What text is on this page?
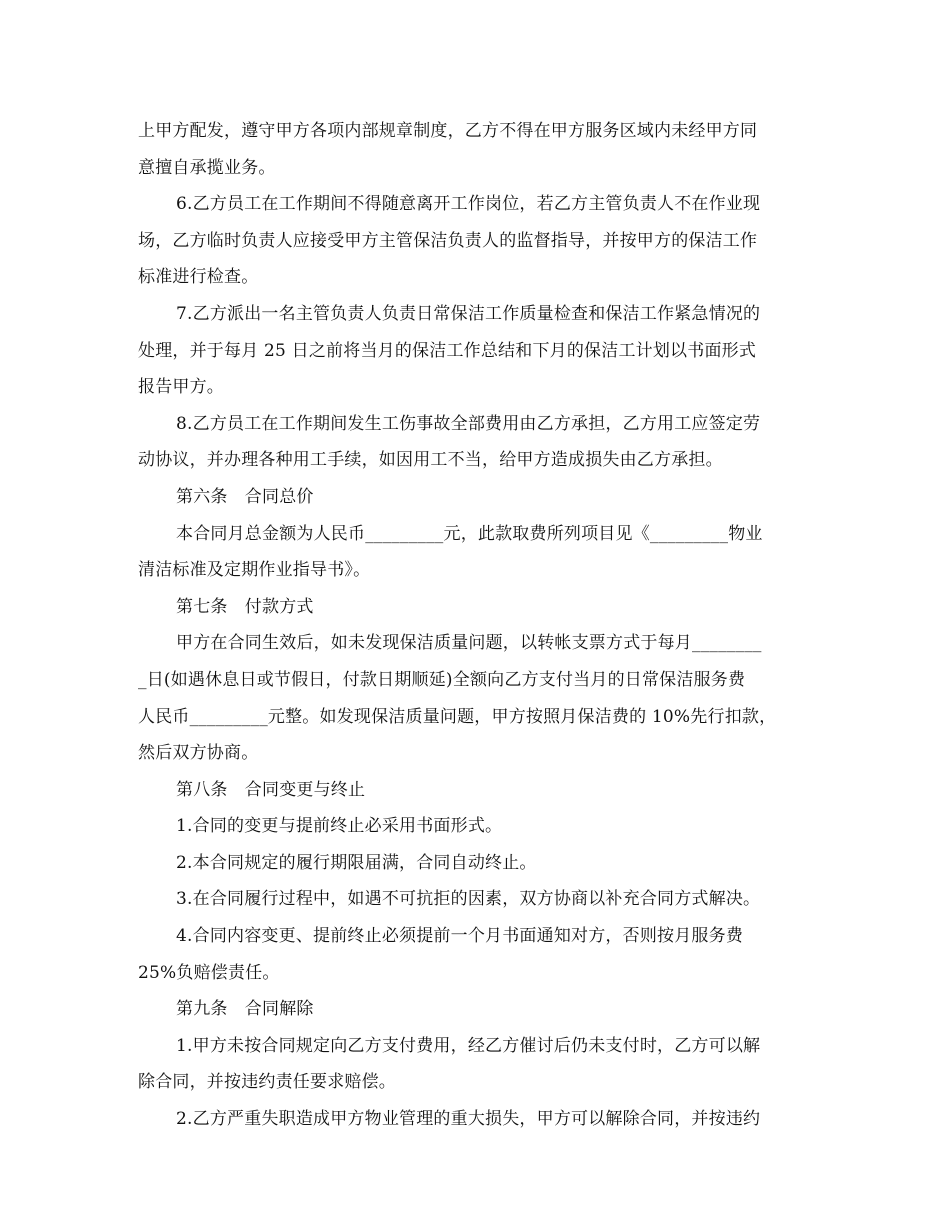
上甲方配发，遵守甲方各项内部规章制度，乙方不得在甲方服务区域内未经甲方同
意擅自承揽业务。
6.乙方员工在工作期间不得随意离开工作岗位，若乙方主管负责人不在作业现
场，乙方临时负责人应接受甲方主管保洁负责人的监督指导，并按甲方的保洁工作
标准进行检查。
7.乙方派出一名主管负责人负责日常保洁工作质量检查和保洁工作紧急情况的
处理，并于每月 25 日之前将当月的保洁工作总结和下月的保洁工计划以书面形式
报告甲方。
8.乙方员工在工作期间发生工伤事故全部费用由乙方承担，乙方用工应签定劳
动协议，并办理各种用工手续，如因用工不当，给甲方造成损失由乙方承担。
第六条　合同总价
本合同月总金额为人民币_________元，此款取费所列项目见《_________物业
清洁标准及定期作业指导书》。
第七条　付款方式
甲方在合同生效后，如未发现保洁质量问题，以转帐支票方式于每月________
_日(如遇休息日或节假日，付款日期顺延)全额向乙方支付当月的日常保洁服务费
人民币_________元整。如发现保洁质量问题，甲方按照月保洁费的 10%先行扣款，
然后双方协商。
第八条　合同变更与终止
1.合同的变更与提前终止必采用书面形式。
2.本合同规定的履行期限届满，合同自动终止。
3.在合同履行过程中，如遇不可抗拒的因素，双方协商以补充合同方式解决。
4.合同内容变更、提前终止必须提前一个月书面通知对方，否则按月服务费
25%负赔偿责任。
第九条　合同解除
1.甲方未按合同规定向乙方支付费用，经乙方催讨后仍未支付时，乙方可以解
除合同，并按违约责任要求赔偿。
2.乙方严重失职造成甲方物业管理的重大损失，甲方可以解除合同，并按违约
